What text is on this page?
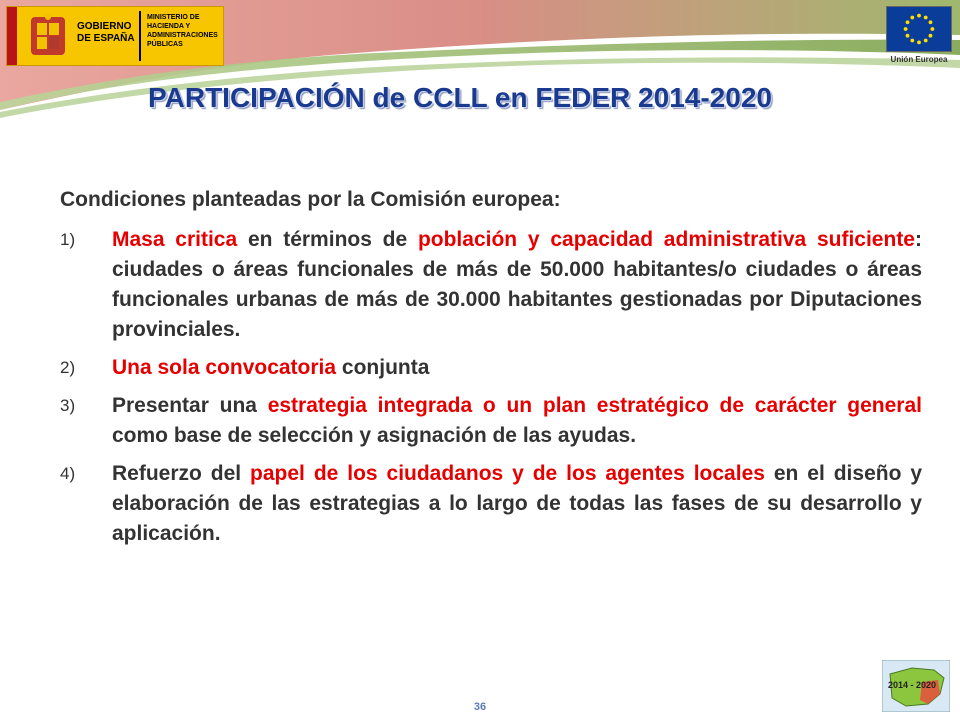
GOBIERNO DE ESPAÑA
MINISTERIO DE HACIENDA Y ADMINISTRACIONES PÚBLICAS
Unión Europea
PARTICIPACIÓN de CCLL en FEDER 2014-2020

Condiciones planteadas por la Comisión europea:

1) Masa critica en términos de población y capacidad administrativa suficiente: ciudades o áreas funcionales de más de 50.000 habitantes/o ciudades o áreas funcionales urbanas de más de 30.000 habitantes gestionadas por Diputaciones provinciales.
2) Una sola convocatoria conjunta
3) Presentar una estrategia integrada o un plan estratégico de carácter general como base de selección y asignación de las ayudas.
4) Refuerzo del papel de los ciudadanos y de los agentes locales en el diseño y elaboración de las estrategias a lo largo de todas las fases de su desarrollo y aplicación.
36
2014 - 2020
